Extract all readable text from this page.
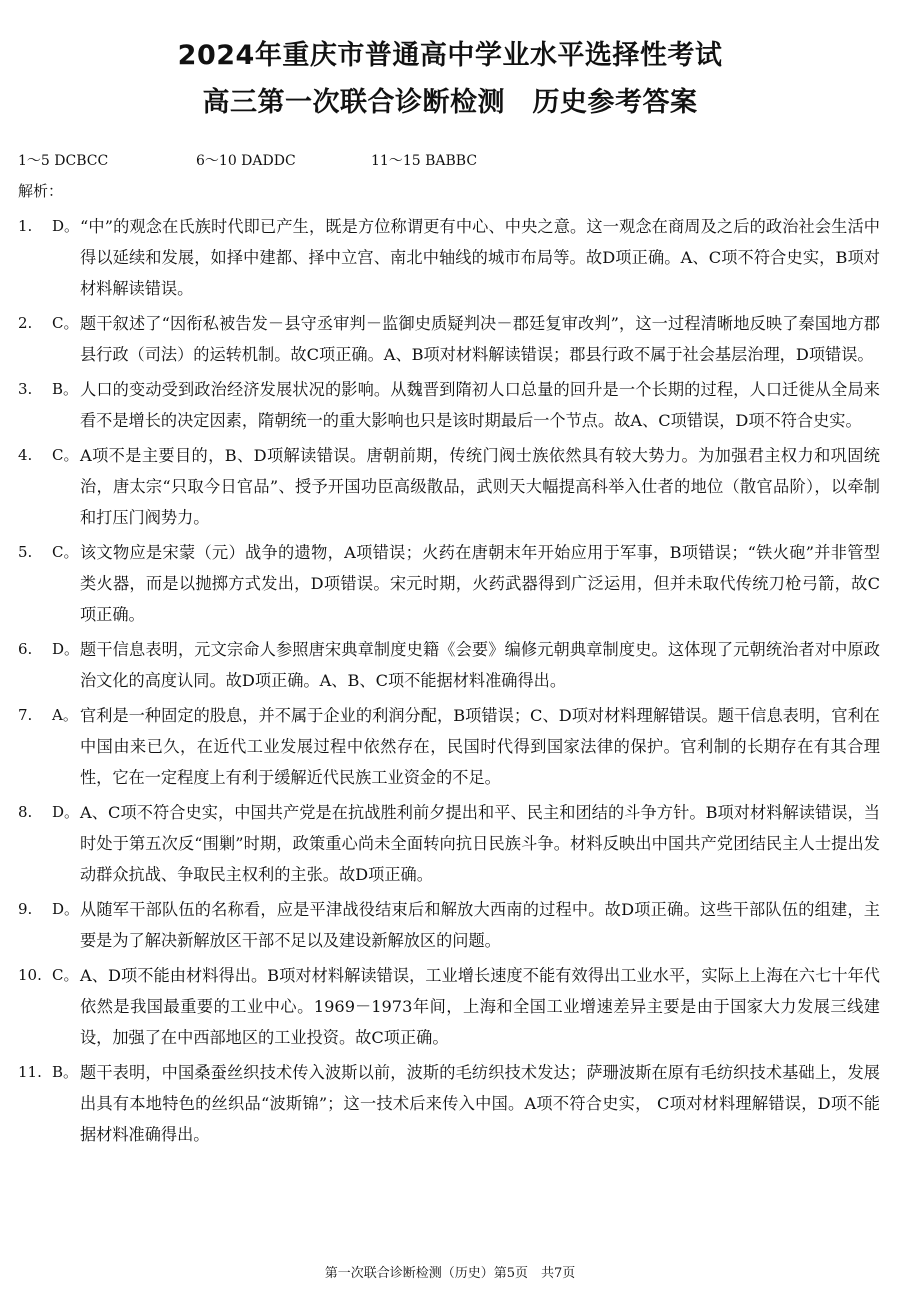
2024年重庆市普通高中学业水平选择性考试
高三第一次联合诊断检测　历史参考答案
1～5 DCBCC	6～10 DADDC	11～15 BABBC
解析：
1. D。 “中”的观念在氏族时代即已产生，既是方位称谓更有中心、中央之意。这一观念在商周及之后的政治社会生活中得以延续和发展，如择中建都、择中立宫、南北中轴线的城市布局等。故D项正确。A、C项不符合史实，B项对材料解读错误。
2. C。 题干叙述了“因衔私被告发－县守丞审判－监御史质疑判决－郡廷复审改判”，这一过程清晰地反映了秦国地方郡县行政（司法）的运转机制。故C项正确。A、B项对材料解读错误；郡县行政不属于社会基层治理，D项错误。
3. B。 人口的变动受到政治经济发展状况的影响。从魏晋到隋初人口总量的回升是一个长期的过程，人口迁徙从全局来看不是增长的决定因素，隋朝统一的重大影响也只是该时期最后一个节点。故A、C项错误，D项不符合史实。
4. C。 A项不是主要目的，B、D项解读错误。唐朝前期，传统门阀士族依然具有较大势力。为加强君主权力和巩固统治，唐太宗“只取今日官品”、授予开国功臣高级散品，武则天大幅提高科举入仕者的地位（散官品阶），以牵制和打压门阀势力。
5. C。 该文物应是宋蒙（元）战争的遗物，A项错误；火药在唐朝末年开始应用于军事，B项错误；“铁火砲”并非管型类火器，而是以抛掷方式发出，D项错误。宋元时期，火药武器得到广泛运用，但并未取代传统刀枪弓箭，故C项正确。
6. D。 题干信息表明，元文宗命人参照唐宋典章制度史籍《会要》编修元朝典章制度史。这体现了元朝统治者对中原政治文化的高度认同。故D项正确。A、B、C项不能据材料准确得出。
7. A。 官利是一种固定的股息，并不属于企业的利润分配，B项错误；C、D项对材料理解错误。题干信息表明，官利在中国由来已久，在近代工业发展过程中依然存在，民国时代得到国家法律的保护。官利制的长期存在有其合理性，它在一定程度上有利于缓解近代民族工业资金的不足。
8. D。 A、C项不符合史实，中国共产党是在抗战胜利前夕提出和平、民主和团结的斗争方针。B项对材料解读错误，当时处于第五次反“围剿”时期，政策重心尚未全面转向抗日民族斗争。材料反映出中国共产党团结民主人士提出发动群众抗战、争取民主权利的主张。故D项正确。
9. D。 从随军干部队伍的名称看，应是平津战役结束后和解放大西南的过程中。故D项正确。这些干部队伍的组建，主要是为了解决新解放区干部不足以及建设新解放区的问题。
10. C。 A、D项不能由材料得出。B项对材料解读错误，工业增长速度不能有效得出工业水平，实际上上海在六七十年代依然是我国最重要的工业中心。1969－1973年间，上海和全国工业增速差异主要是由于国家大力发展三线建设，加强了在中西部地区的工业投资。故C项正确。
11. B。 题干表明，中国桑蚕丝织技术传入波斯以前，波斯的毛纺织技术发达；萨珊波斯在原有毛纺织技术基础上，发展出具有本地特色的丝织品“波斯锦”；这一技术后来传入中国。A项不符合史实， C项对材料理解错误，D项不能据材料准确得出。
第一次联合诊断检测（历史）第5页　共7页
